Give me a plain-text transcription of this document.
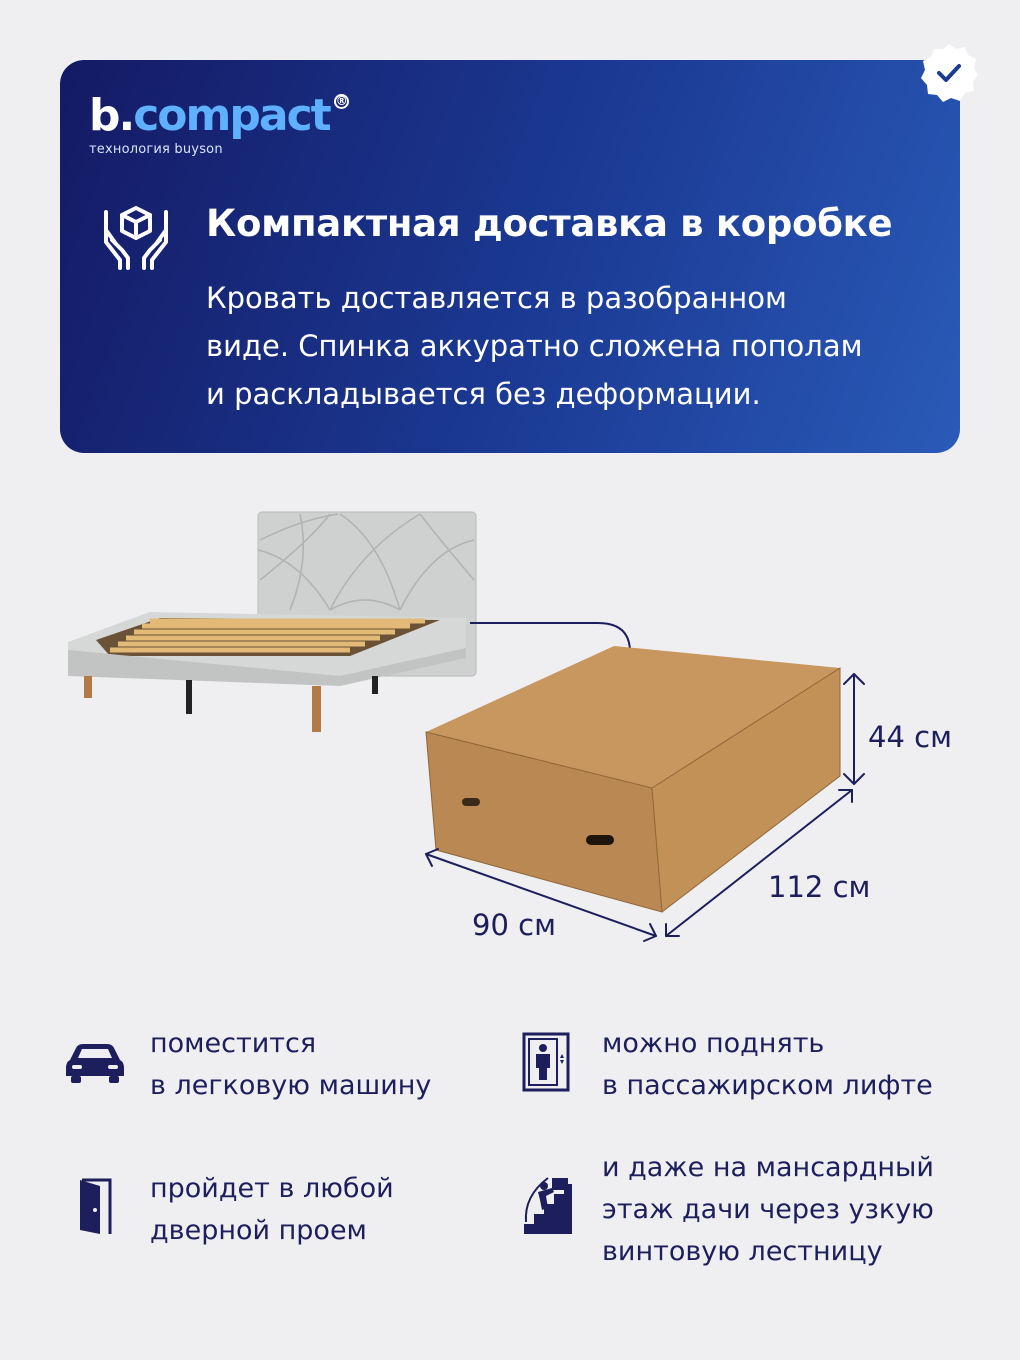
b. compact ®
технология buyson
Компактная доставка в коробке
Кровать доставляется в разобранном
виде. Спинка аккуратно сложена пополам
и раскладывается без деформации.
44 см
112 см
90 см
поместится
в легковую машину
можно поднять
в пассажирском лифте
пройдет в любой
дверной проем
и даже на мансардный
этаж дачи через узкую
винтовую лестницу
